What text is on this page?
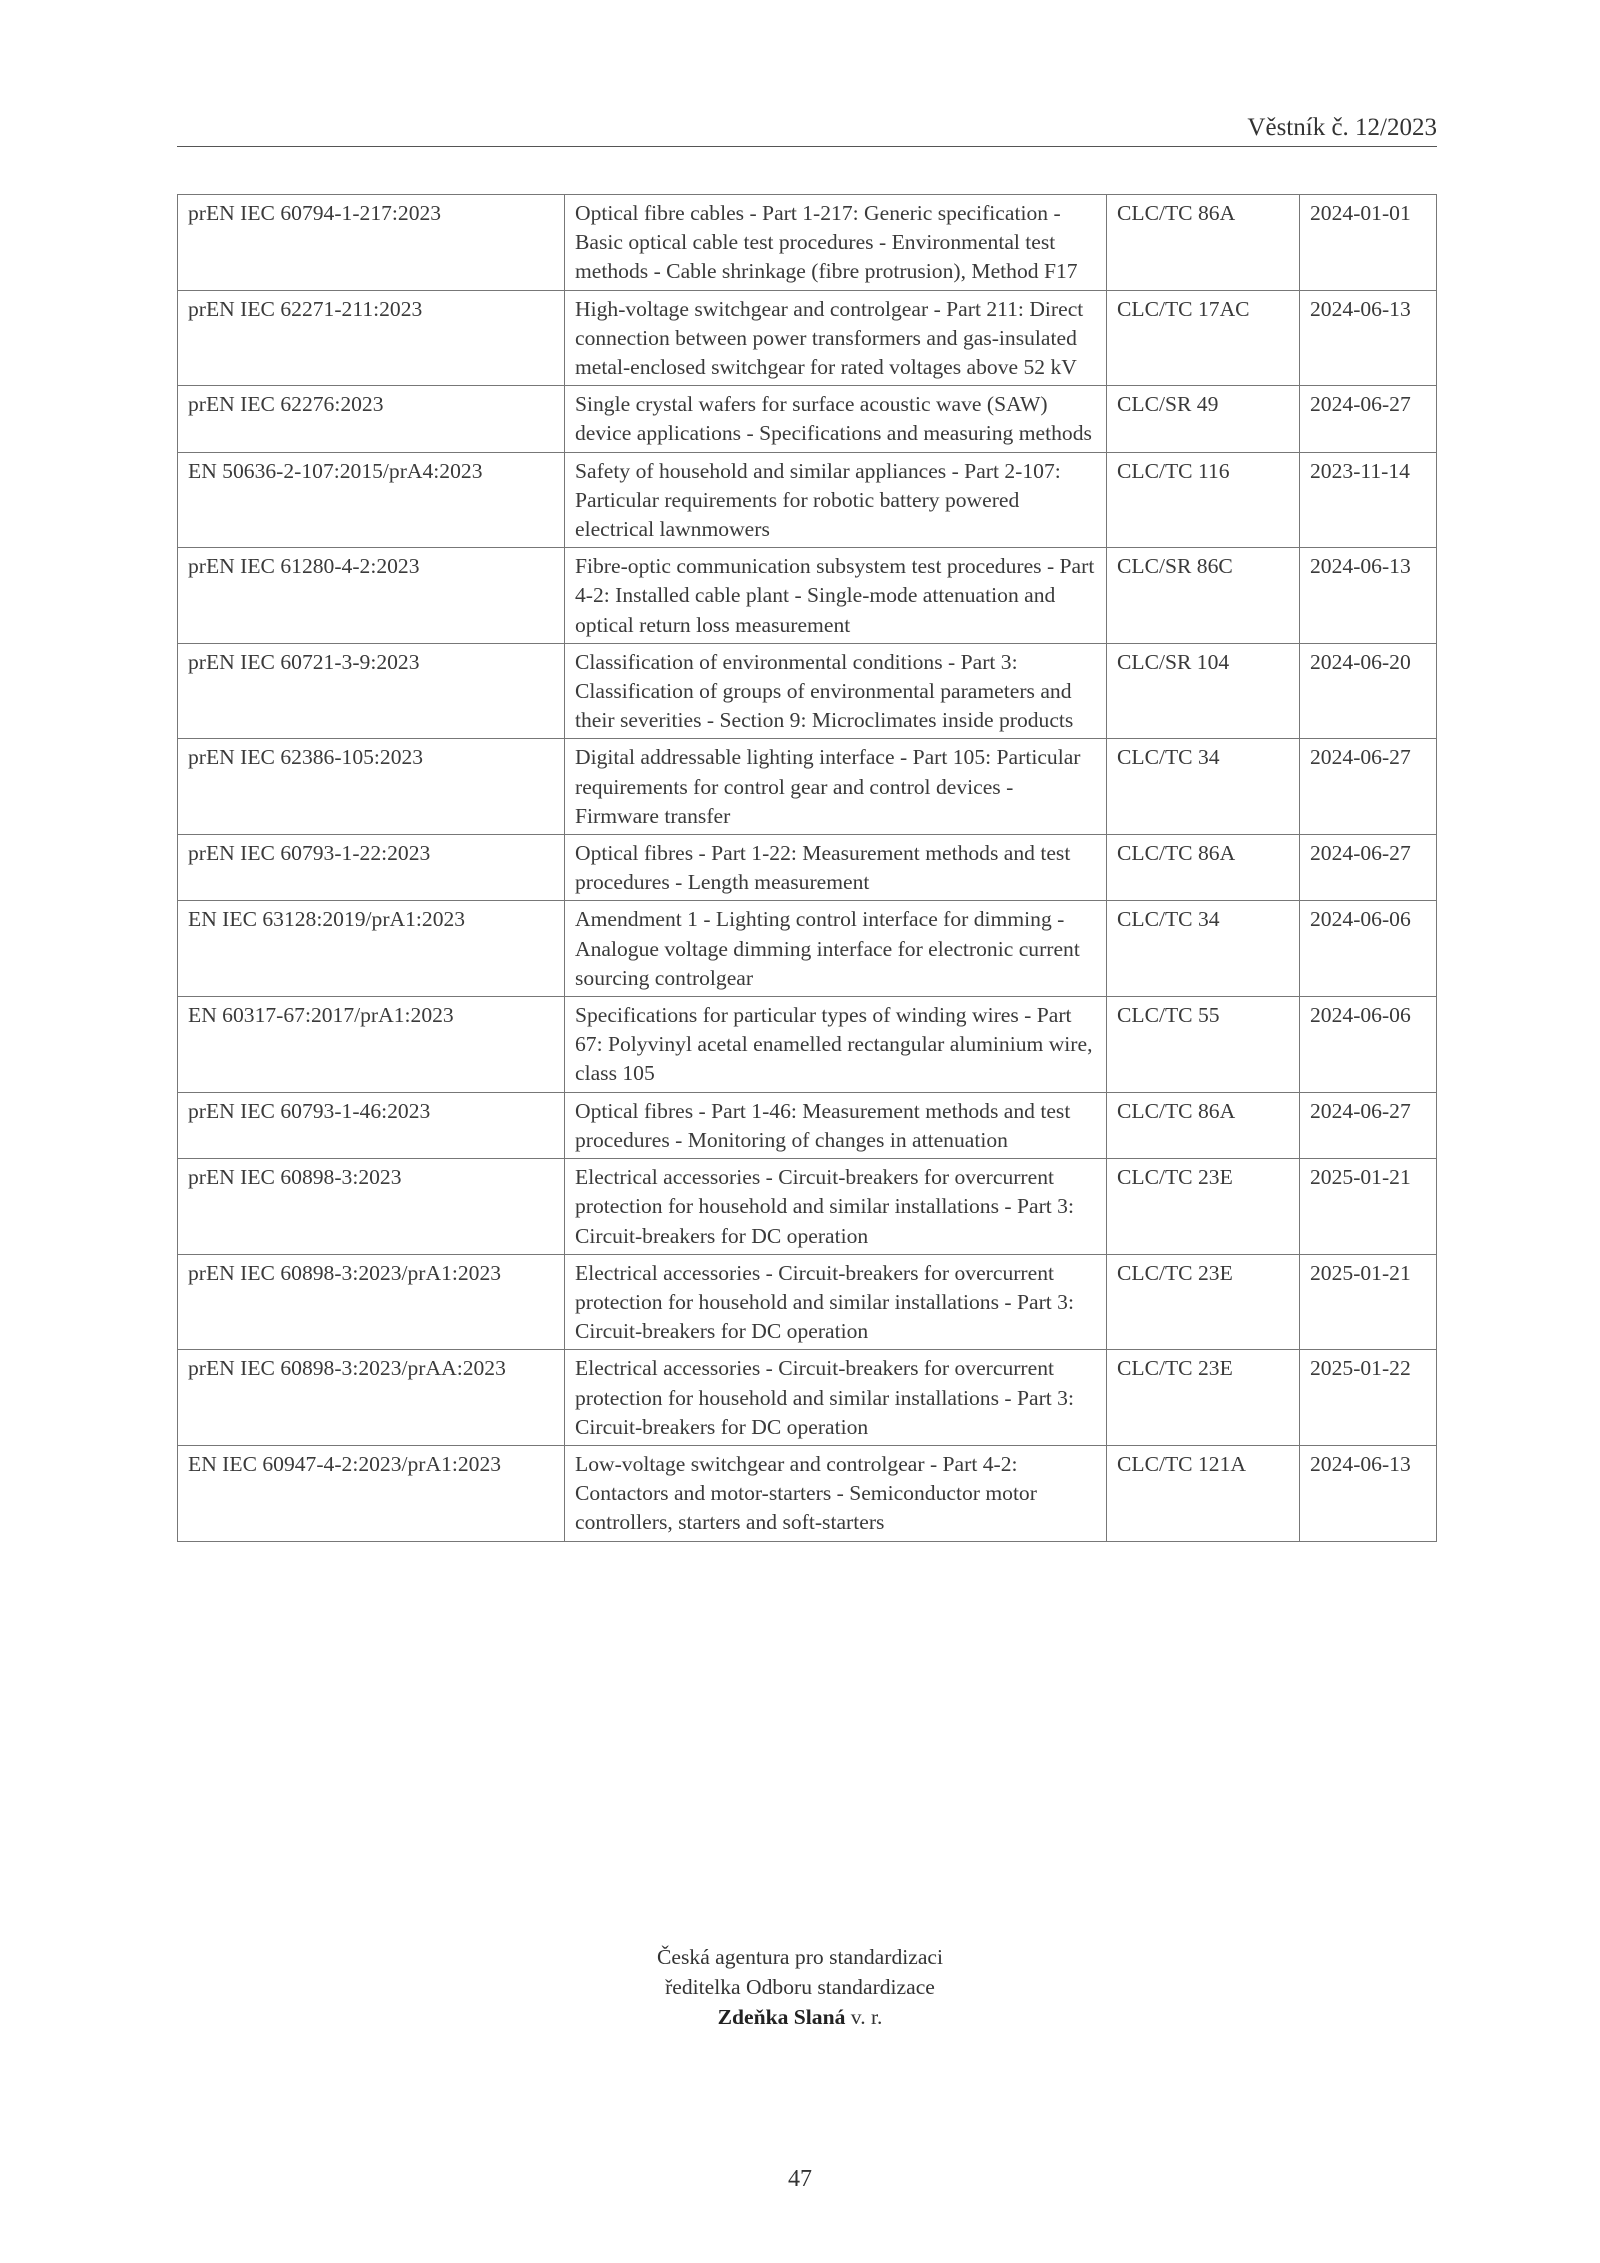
Věstník č. 12/2023
prEN IEC 60794-1-217:2023	Optical fibre cables - Part 1-217: Generic specification - Basic optical cable test procedures - Environmental test methods - Cable shrinkage (fibre protrusion), Method F17	CLC/TC 86A	2024-01-01
prEN IEC 62271-211:2023	High-voltage switchgear and controlgear - Part 211: Direct connection between power transformers and gas-insulated metal-enclosed switchgear for rated voltages above 52 kV	CLC/TC 17AC	2024-06-13
prEN IEC 62276:2023	Single crystal wafers for surface acoustic wave (SAW) device applications - Specifications and measuring methods	CLC/SR 49	2024-06-27
EN 50636-2-107:2015/prA4:2023	Safety of household and similar appliances - Part 2-107: Particular requirements for robotic battery powered electrical lawnmowers	CLC/TC 116	2023-11-14
prEN IEC 61280-4-2:2023	Fibre-optic communication subsystem test procedures - Part 4-2: Installed cable plant - Single-mode attenuation and optical return loss measurement	CLC/SR 86C	2024-06-13
prEN IEC 60721-3-9:2023	Classification of environmental conditions - Part 3: Classification of groups of environmental parameters and their severities - Section 9: Microclimates inside products	CLC/SR 104	2024-06-20
prEN IEC 62386-105:2023	Digital addressable lighting interface - Part 105: Particular requirements for control gear and control devices - Firmware transfer	CLC/TC 34	2024-06-27
prEN IEC 60793-1-22:2023	Optical fibres - Part 1-22: Measurement methods and test procedures - Length measurement	CLC/TC 86A	2024-06-27
EN IEC 63128:2019/prA1:2023	Amendment 1 - Lighting control interface for dimming - Analogue voltage dimming interface for electronic current sourcing controlgear	CLC/TC 34	2024-06-06
EN 60317-67:2017/prA1:2023	Specifications for particular types of winding wires - Part 67: Polyvinyl acetal enamelled rectangular aluminium wire, class 105	CLC/TC 55	2024-06-06
prEN IEC 60793-1-46:2023	Optical fibres - Part 1-46: Measurement methods and test procedures - Monitoring of changes in attenuation	CLC/TC 86A	2024-06-27
prEN IEC 60898-3:2023	Electrical accessories - Circuit-breakers for overcurrent protection for household and similar installations - Part 3: Circuit-breakers for DC operation	CLC/TC 23E	2025-01-21
prEN IEC 60898-3:2023/prA1:2023	Electrical accessories - Circuit-breakers for overcurrent protection for household and similar installations - Part 3: Circuit-breakers for DC operation	CLC/TC 23E	2025-01-21
prEN IEC 60898-3:2023/prAA:2023	Electrical accessories - Circuit-breakers for overcurrent protection for household and similar installations - Part 3: Circuit-breakers for DC operation	CLC/TC 23E	2025-01-22
EN IEC 60947-4-2:2023/prA1:2023	Low-voltage switchgear and controlgear - Part 4-2: Contactors and motor-starters - Semiconductor motor controllers, starters and soft-starters	CLC/TC 121A	2024-06-13
Česká agentura pro standardizaci
ředitelka Odboru standardizace
Zdeňka Slaná v. r.
47
